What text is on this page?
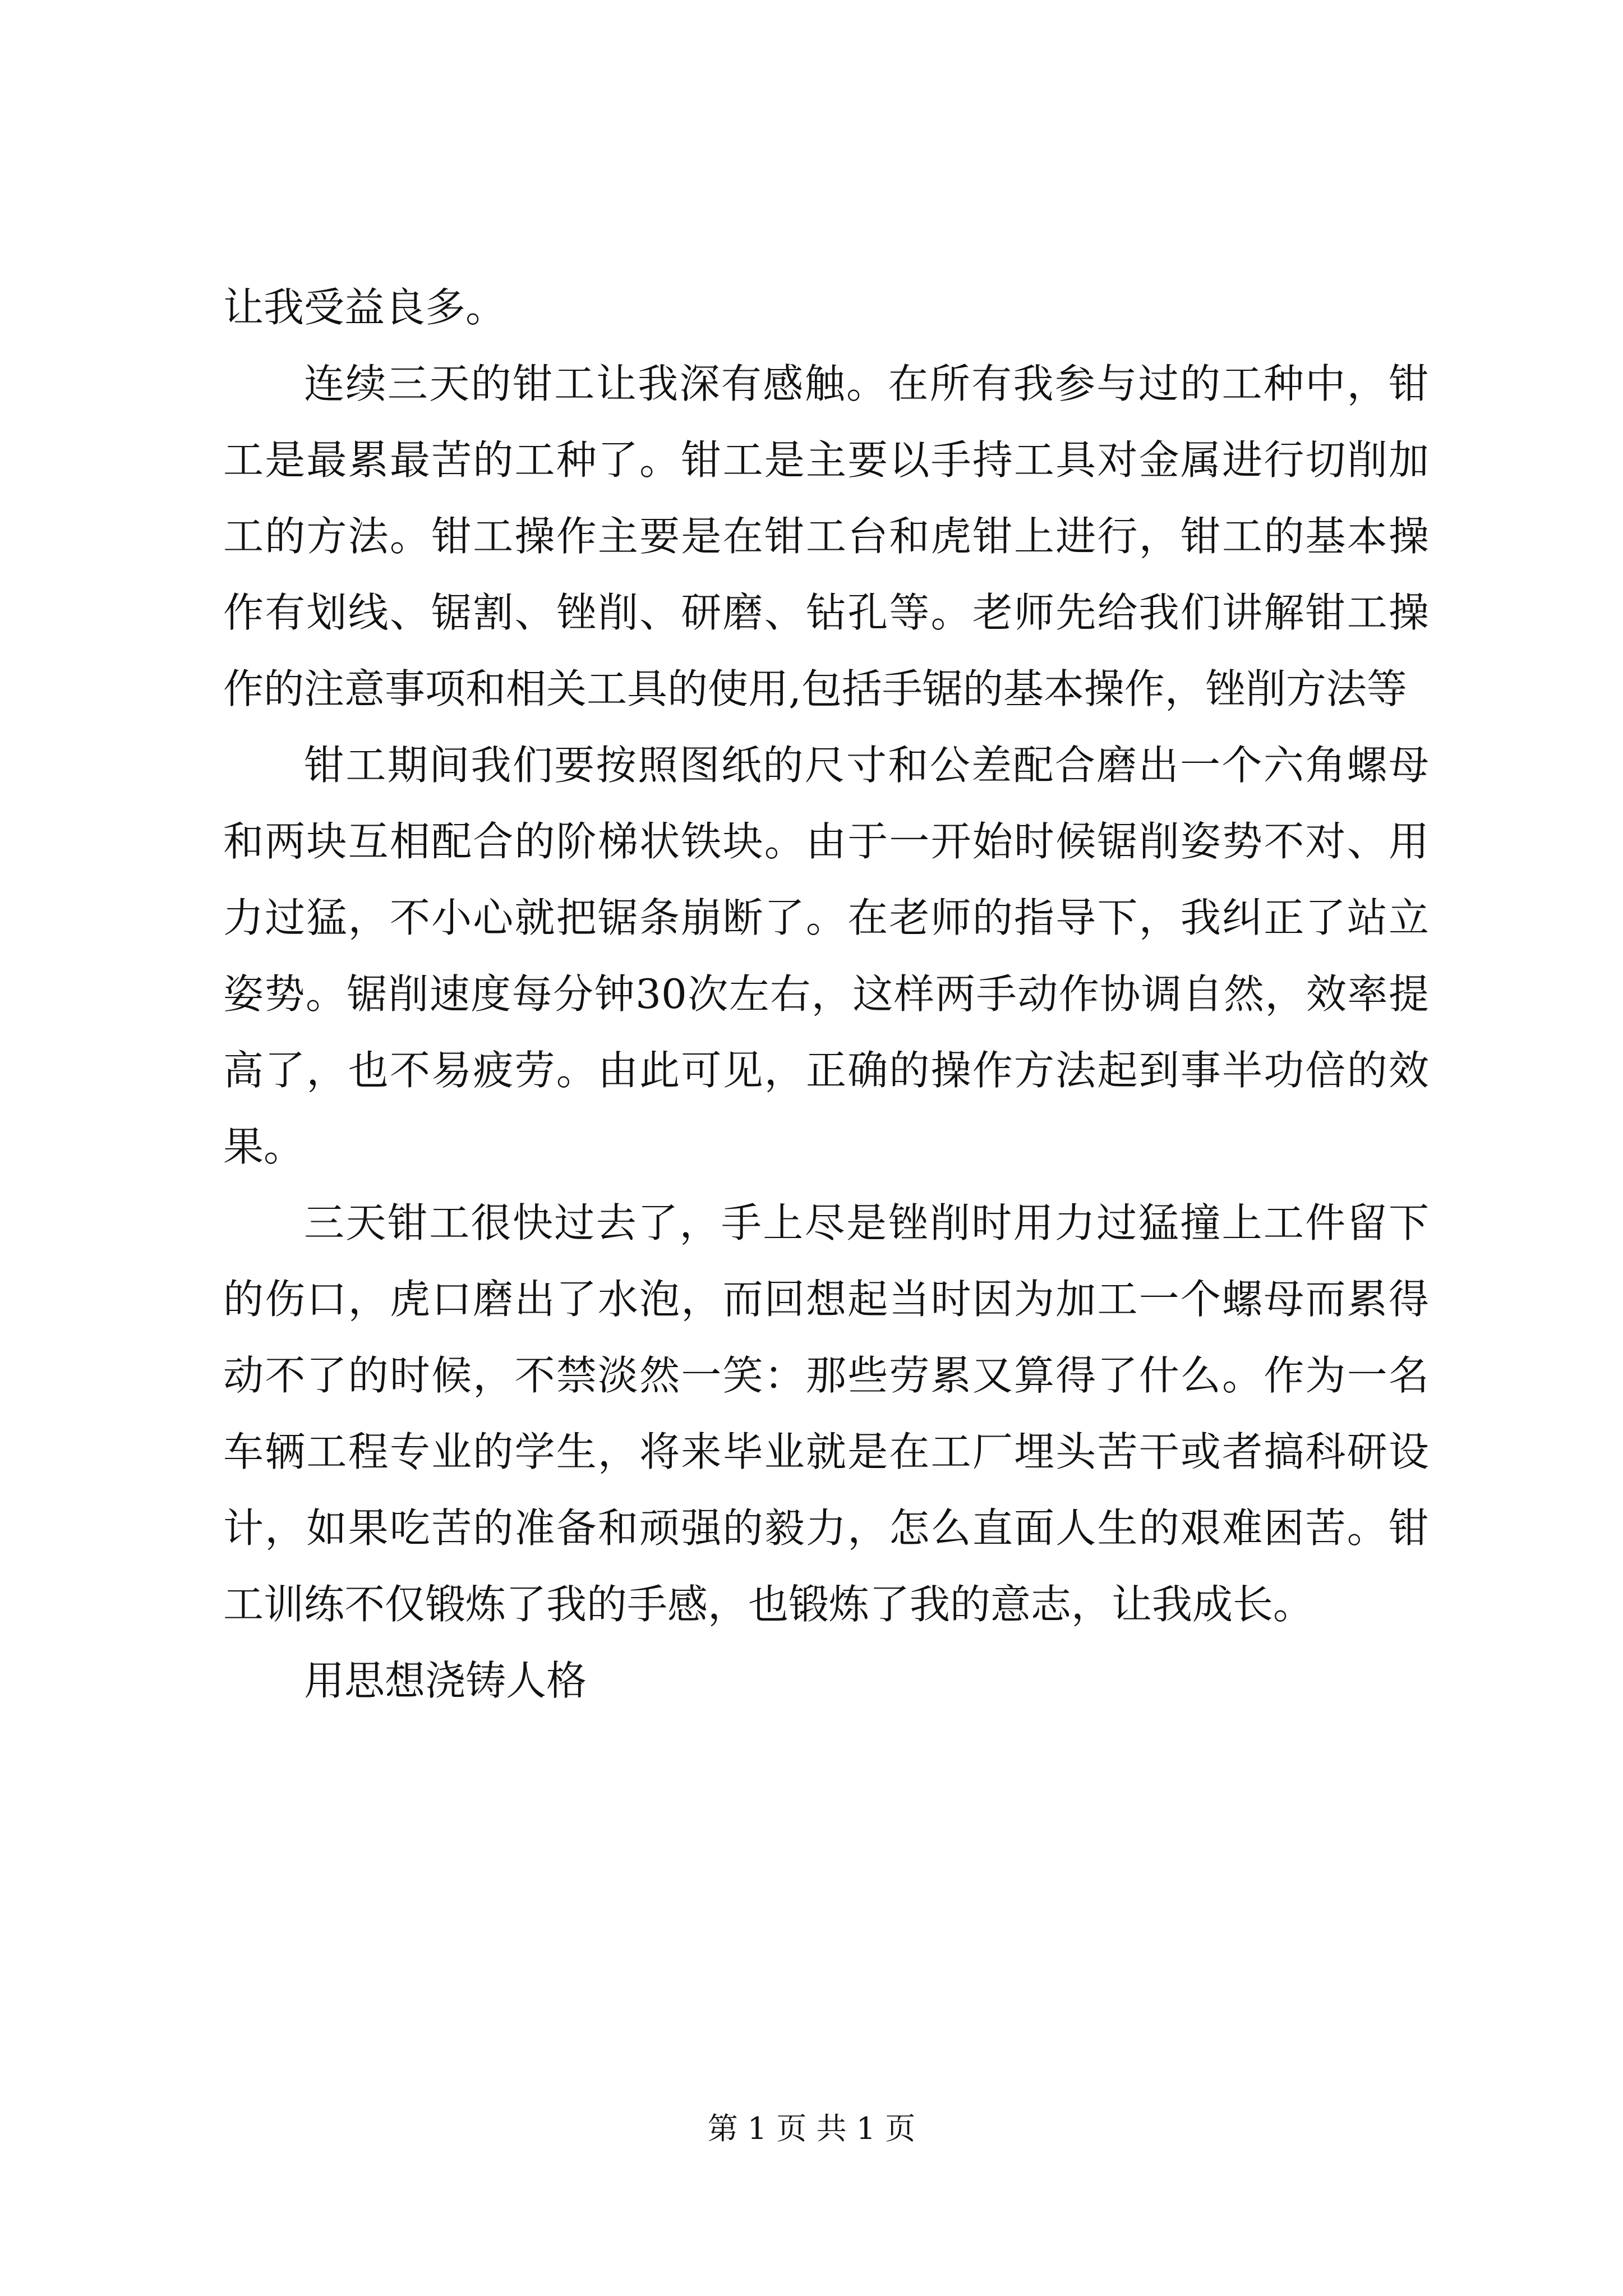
让我受益良多。

连续三天的钳工让我深有感触。在所有我参与过的工种中，钳工是最累最苦的工种了。钳工是主要以手持工具对金属进行切削加工的方法。钳工操作主要是在钳工台和虎钳上进行，钳工的基本操作有划线、锯割、锉削、研磨、钻孔等。老师先给我们讲解钳工操作的注意事项和相关工具的使用,包括手锯的基本操作，锉削方法等

钳工期间我们要按照图纸的尺寸和公差配合磨出一个六角螺母和两块互相配合的阶梯状铁块。由于一开始时候锯削姿势不对、用力过猛，不小心就把锯条崩断了。在老师的指导下，我纠正了站立姿势。锯削速度每分钟30次左右，这样两手动作协调自然，效率提高了，也不易疲劳。由此可见，正确的操作方法起到事半功倍的效果。

三天钳工很快过去了，手上尽是锉削时用力过猛撞上工件留下的伤口，虎口磨出了水泡，而回想起当时因为加工一个螺母而累得动不了的时候，不禁淡然一笑：那些劳累又算得了什么。作为一名车辆工程专业的学生，将来毕业就是在工厂埋头苦干或者搞科研设计，如果吃苦的准备和顽强的毅力，怎么直面人生的艰难困苦。钳工训练不仅锻炼了我的手感，也锻炼了我的意志，让我成长。

用思想浇铸人格

第 1 页 共 1 页
